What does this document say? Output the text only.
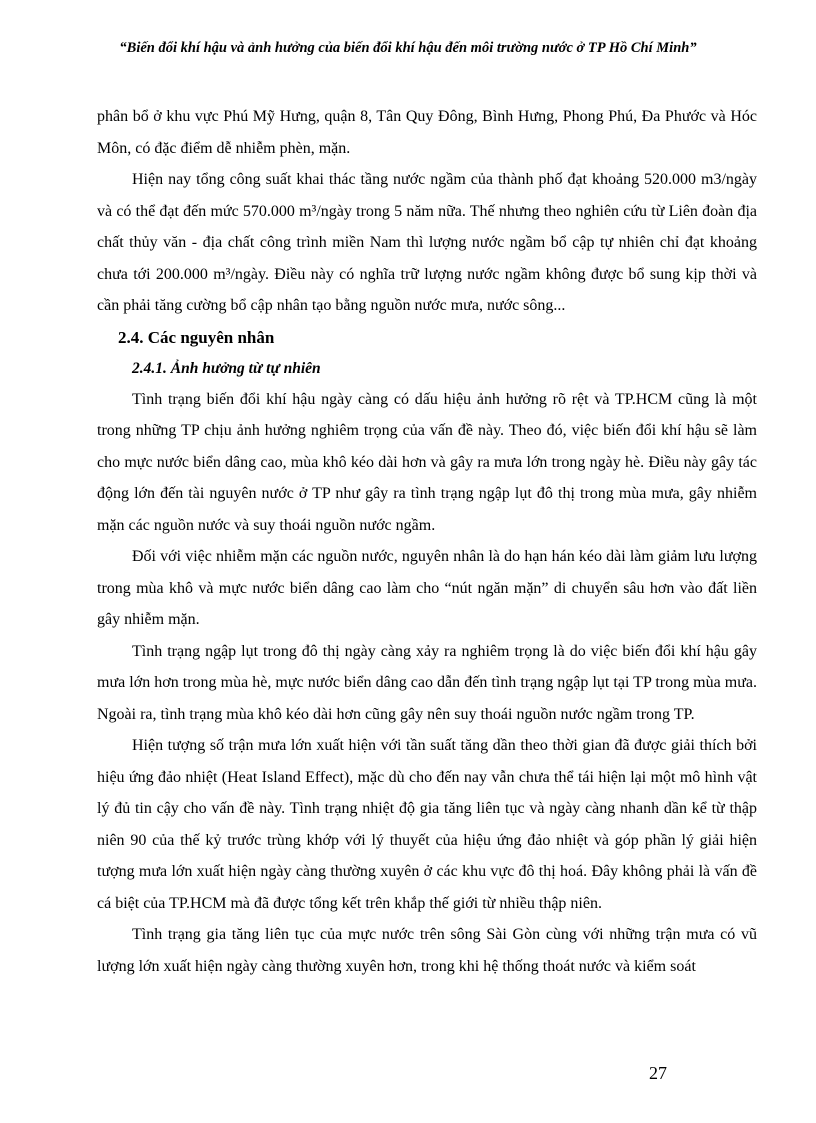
“Biến đổi khí hậu và ảnh hưởng của biến đổi khí hậu đến môi trường nước ở TP Hồ Chí Minh”

phân bổ ở khu vực Phú Mỹ Hưng, quận 8, Tân Quy Đông, Bình Hưng, Phong Phú, Đa Phước và Hóc Môn, có đặc điểm dễ nhiễm phèn, mặn.

Hiện nay tổng công suất khai thác tầng nước ngầm của thành phố đạt khoảng 520.000 m3/ngày và có thể đạt đến mức 570.000 m³/ngày trong 5 năm nữa. Thế nhưng theo nghiên cứu từ Liên đoàn địa chất thủy văn - địa chất công trình miền Nam thì lượng nước ngầm bổ cập tự nhiên chỉ đạt khoảng chưa tới 200.000 m³/ngày. Điều này có nghĩa trữ lượng nước ngầm không được bổ sung kịp thời và cần phải tăng cường bổ cập nhân tạo bằng nguồn nước mưa, nước sông...

2.4. Các nguyên nhân
2.4.1. Ảnh hưởng từ tự nhiên

Tình trạng biến đổi khí hậu ngày càng có dấu hiệu ảnh hưởng rõ rệt và TP.HCM cũng là một trong những TP chịu ảnh hưởng nghiêm trọng của vấn đề này. Theo đó, việc biến đổi khí hậu sẽ làm cho mực nước biển dâng cao, mùa khô kéo dài hơn và gây ra mưa lớn trong ngày hè. Điều này gây tác động lớn đến tài nguyên nước ở TP như gây ra tình trạng ngập lụt đô thị trong mùa mưa, gây nhiễm mặn các nguồn nước và suy thoái nguồn nước ngầm.

Đối với việc nhiễm mặn các nguồn nước, nguyên nhân là do hạn hán kéo dài làm giảm lưu lượng trong mùa khô và mực nước biển dâng cao làm cho “nút ngăn mặn” di chuyển sâu hơn vào đất liền gây nhiễm mặn.

Tình trạng ngập lụt trong đô thị ngày càng xảy ra nghiêm trọng là do việc biến đổi khí hậu gây mưa lớn hơn trong mùa hè, mực nước biển dâng cao dẫn đến tình trạng ngập lụt tại TP trong mùa mưa. Ngoài ra, tình trạng mùa khô kéo dài hơn cũng gây nên suy thoái nguồn nước ngầm trong TP.

Hiện tượng số trận mưa lớn xuất hiện với tần suất tăng dần theo thời gian đã được giải thích bởi hiệu ứng đảo nhiệt (Heat Island Effect), mặc dù cho đến nay vẫn chưa thể tái hiện lại một mô hình vật lý đủ tin cậy cho vấn đề này. Tình trạng nhiệt độ gia tăng liên tục và ngày càng nhanh dần kể từ thập niên 90 của thế kỷ trước trùng khớp với lý thuyết của hiệu ứng đảo nhiệt và góp phần lý giải hiện tượng mưa lớn xuất hiện ngày càng thường xuyên ở các khu vực đô thị hoá. Đây không phải là vấn đề cá biệt của TP.HCM mà đã được tổng kết trên khắp thế giới từ nhiều thập niên.

Tình trạng gia tăng liên tục của mực nước trên sông Sài Gòn cùng với những trận mưa có vũ lượng lớn xuất hiện ngày càng thường xuyên hơn, trong khi hệ thống thoát nước và kiểm soát

27
